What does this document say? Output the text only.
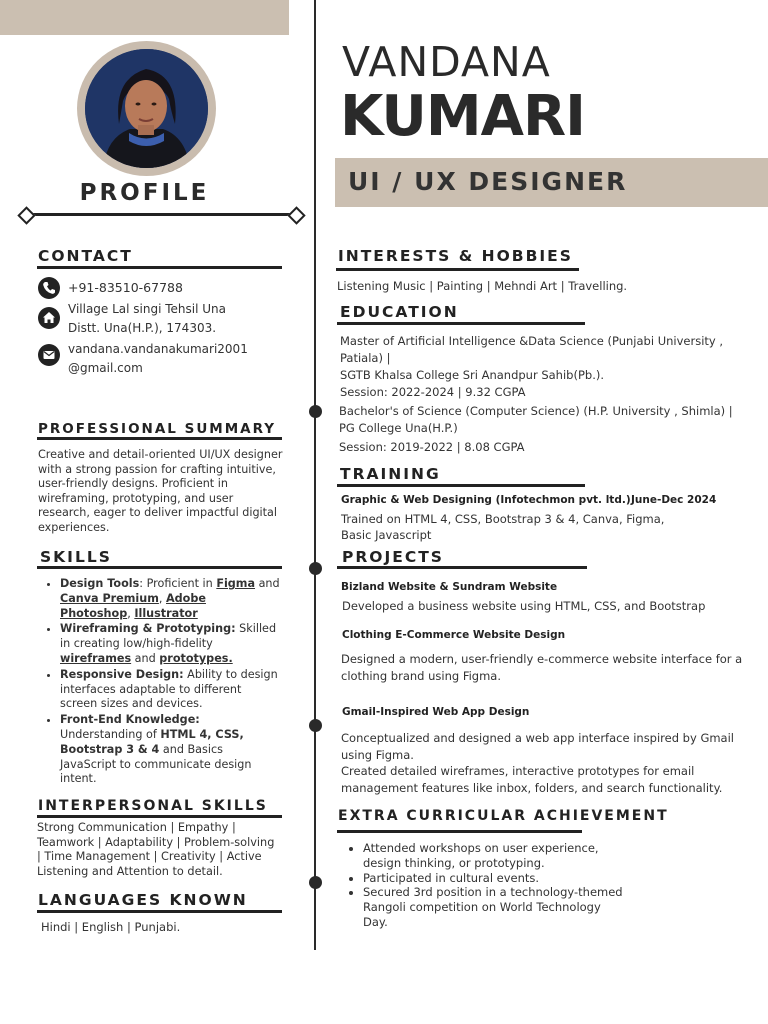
PROFILE
VANDANA
KUMARI
UI / UX DESIGNER
CONTACT
+91-83510-67788
Village Lal singi Tehsil Una
Distt. Una(H.P.), 174303.
vandana.vandanakumari2001
@gmail.com
PROFESSIONAL SUMMARY
Creative and detail-oriented UI/UX designer with a strong passion for crafting intuitive, user-friendly designs. Proficient in wireframing, prototyping, and user research, eager to deliver impactful digital experiences.
SKILLS
• Design Tools: Proficient in Figma and Canva Premium, Adobe Photoshop, Illustrator
• Wireframing & Prototyping: Skilled in creating low/high-fidelity wireframes and prototypes.
• Responsive Design: Ability to design interfaces adaptable to different screen sizes and devices.
• Front-End Knowledge: Understanding of HTML 4, CSS, Bootstrap 3 & 4 and Basics JavaScript to communicate design intent.
INTERPERSONAL SKILLS
Strong Communication | Empathy |
Teamwork | Adaptability | Problem-solving
| Time Management | Creativity | Active
Listening and Attention to detail.
LANGUAGES KNOWN
Hindi | English | Punjabi.
INTERESTS & HOBBIES
Listening Music | Painting | Mehndi Art | Travelling.
EDUCATION
Master of Artificial Intelligence &Data Science (Punjabi University ,
Patiala) |
SGTB Khalsa College Sri Anandpur Sahib(Pb.).
Session: 2022-2024 | 9.32 CGPA
Bachelor's of Science (Computer Science) (H.P. University , Shimla) |
PG College Una(H.P.)
Session: 2019-2022 | 8.08 CGPA
TRAINING
Graphic & Web Designing (Infotechmon pvt. ltd.) June-Dec 2024
Trained on HTML 4, CSS, Bootstrap 3 & 4, Canva, Figma,
Basic Javascript
PROJECTS
Bizland Website & Sundram Website
Developed a business website using HTML, CSS, and Bootstrap
Clothing E-Commerce Website Design
Designed a modern, user-friendly e-commerce website interface for a
clothing brand using Figma.
Gmail-Inspired Web App Design
Conceptualized and designed a web app interface inspired by Gmail
using Figma.
Created detailed wireframes, interactive prototypes for email
management features like inbox, folders, and search functionality.
EXTRA CURRICULAR ACHIEVEMENT
• Attended workshops on user experience, design thinking, or prototyping.
• Participated in cultural events.
• Secured 3rd position in a technology-themed Rangoli competition on World Technology Day.
